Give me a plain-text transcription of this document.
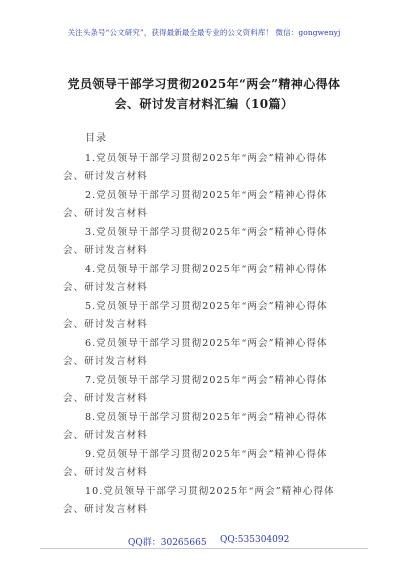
关注头条号“公文研究”，获得最新最全最专业的公文资料库！ 微信：gongwenyj
党员领导干部学习贯彻2025年“两会”精神心得体会、研讨发言材料汇编（10篇）
目录
1.党员领导干部学习贯彻2025年“两会”精神心得体
会、研讨发言材料
2.党员领导干部学习贯彻2025年“两会”精神心得体
会、研讨发言材料
3.党员领导干部学习贯彻2025年“两会”精神心得体
会、研讨发言材料
4.党员领导干部学习贯彻2025年“两会”精神心得体
会、研讨发言材料
5.党员领导干部学习贯彻2025年“两会”精神心得体
会、研讨发言材料
6.党员领导干部学习贯彻2025年“两会”精神心得体
会、研讨发言材料
7.党员领导干部学习贯彻2025年“两会”精神心得体
会、研讨发言材料
8.党员领导干部学习贯彻2025年“两会”精神心得体
会、研讨发言材料
9.党员领导干部学习贯彻2025年“两会”精神心得体
会、研讨发言材料
10.党员领导干部学习贯彻2025年“两会”精神心得体
会、研讨发言材料
QQ群：30265665 QQ:535304092
